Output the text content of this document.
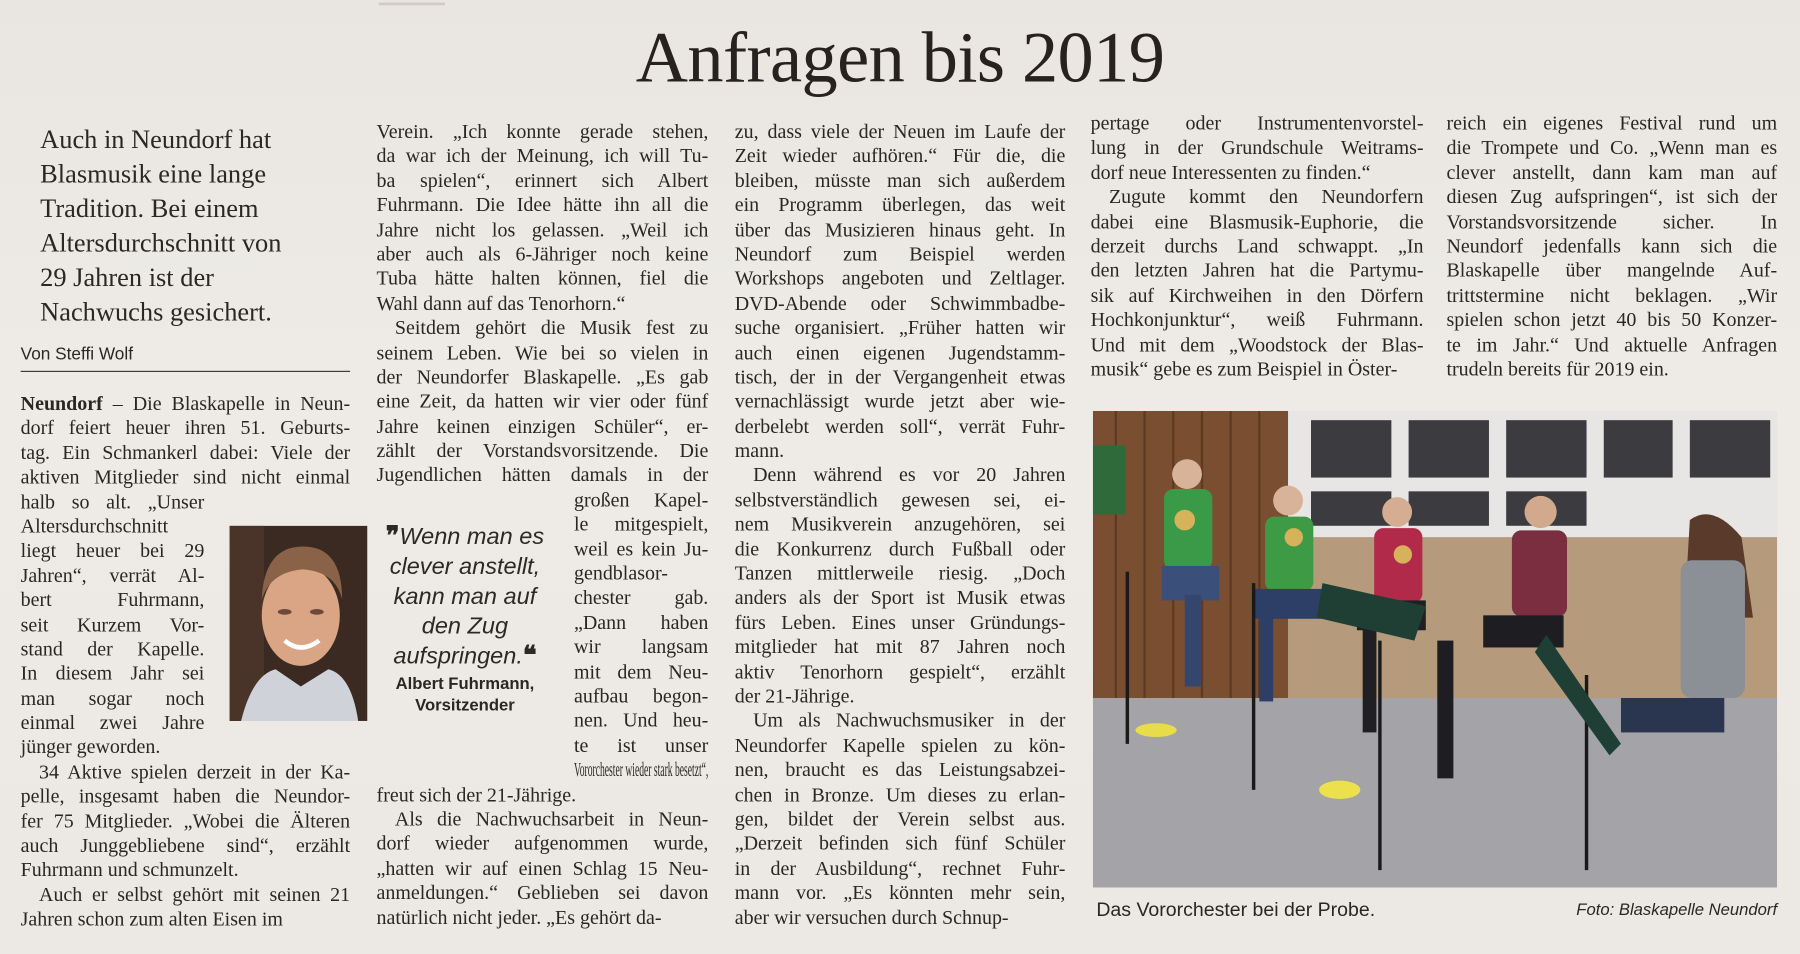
▔▔▔▔▔
Anfragen bis 2019
Auch in Neundorf hat
Blasmusik eine lange
Tradition. Bei einem
Altersdurchschnitt von
29 Jahren ist der
Nachwuchs gesichert.
Von Steffi Wolf
Neundorf – Die Blaskapelle in Neun-
dorf feiert heuer ihren 51. Geburts-
tag. Ein Schmankerl dabei: Viele der
aktiven Mitglieder sind nicht einmal
halb so alt. „Unser
Altersdurchschnitt
liegt heuer bei 29
Jahren“, verrät Al-
bert Fuhrmann,
seit Kurzem Vor-
stand der Kapelle.
In diesem Jahr sei
man sogar noch
einmal zwei Jahre
jünger geworden.
34 Aktive spielen derzeit in der Ka-
pelle, insgesamt haben die Neundor-
fer 75 Mitglieder. „Wobei die Älteren
auch Junggebliebene sind“, erzählt
Fuhrmann und schmunzelt.
Auch er selbst gehört mit seinen 21
Jahren schon zum alten Eisen im
Verein. „Ich konnte gerade stehen,
da war ich der Meinung, ich will Tu-
ba spielen“, erinnert sich Albert
Fuhrmann. Die Idee hätte ihn all die
Jahre nicht los gelassen. „Weil ich
aber auch als 6-Jähriger noch keine
Tuba hätte halten können, fiel die
Wahl dann auf das Tenorhorn.“
Seitdem gehört die Musik fest zu
seinem Leben. Wie bei so vielen in
der Neundorfer Blaskapelle. „Es gab
eine Zeit, da hatten wir vier oder fünf
Jahre keinen einzigen Schüler“, er-
zählt der Vorstandsvorsitzende. Die
Jugendlichen hätten damals in der
großen Kapel-
le mitgespielt,
weil es kein Ju-
gendblasor-
chester gab.
„Dann haben
wir langsam
mit dem Neu-
aufbau begon-
nen. Und heu-
te ist unser
Vororchester wieder stark besetzt“,
freut sich der 21-Jährige.
Als die Nachwuchsarbeit in Neun-
dorf wieder aufgenommen wurde,
„hatten wir auf einen Schlag 15 Neu-
anmeldungen.“ Geblieben sei davon
natürlich nicht jeder. „Es gehört da-
zu, dass viele der Neuen im Laufe der
Zeit wieder aufhören.“ Für die, die
bleiben, müsste man sich außerdem
ein Programm überlegen, das weit
über das Musizieren hinaus geht. In
Neundorf zum Beispiel werden
Workshops angeboten und Zeltlager.
DVD-Abende oder Schwimmbadbe-
suche organisiert. „Früher hatten wir
auch einen eigenen Jugendstamm-
tisch, der in der Vergangenheit etwas
vernachlässigt wurde jetzt aber wie-
derbelebt werden soll“, verrät Fuhr-
mann.
Denn während es vor 20 Jahren
selbstverständlich gewesen sei, ei-
nem Musikverein anzugehören, sei
die Konkurrenz durch Fußball oder
Tanzen mittlerweile riesig. „Doch
anders als der Sport ist Musik etwas
fürs Leben. Eines unser Gründungs-
mitglieder hat mit 87 Jahren noch
aktiv Tenorhorn gespielt“, erzählt
der 21-Jährige.
Um als Nachwuchsmusiker in der
Neundorfer Kapelle spielen zu kön-
nen, braucht es das Leistungsabzei-
chen in Bronze. Um dieses zu erlan-
gen, bildet der Verein selbst aus.
„Derzeit befinden sich fünf Schüler
in der Ausbildung“, rechnet Fuhr-
mann vor. „Es könnten mehr sein,
aber wir versuchen durch Schnup-
pertage oder Instrumentenvorstel-
lung in der Grundschule Weitrams-
dorf neue Interessenten zu finden.“
Zugute kommt den Neundorfern
dabei eine Blasmusik-Euphorie, die
derzeit durchs Land schwappt. „In
den letzten Jahren hat die Partymu-
sik auf Kirchweihen in den Dörfern
Hochkonjunktur“, weiß Fuhrmann.
Und mit dem „Woodstock der Blas-
musik“ gebe es zum Beispiel in Öster-
reich ein eigenes Festival rund um
die Trompete und Co. „Wenn man es
clever anstellt, dann kam man auf
diesen Zug aufspringen“, ist sich der
Vorstandsvorsitzende sicher. In
Neundorf jedenfalls kann sich die
Blaskapelle über mangelnde Auf-
trittstermine nicht beklagen. „Wir
spielen schon jetzt 40 bis 50 Konzer-
te im Jahr.“ Und aktuelle Anfragen
trudeln bereits für 2019 ein.
❞Wenn man es
clever anstellt,
kann man auf
den Zug
aufspringen.❝
Albert Fuhrmann,
Vorsitzender
Das Vororchester bei der Probe.	Foto: Blaskapelle Neundorf
